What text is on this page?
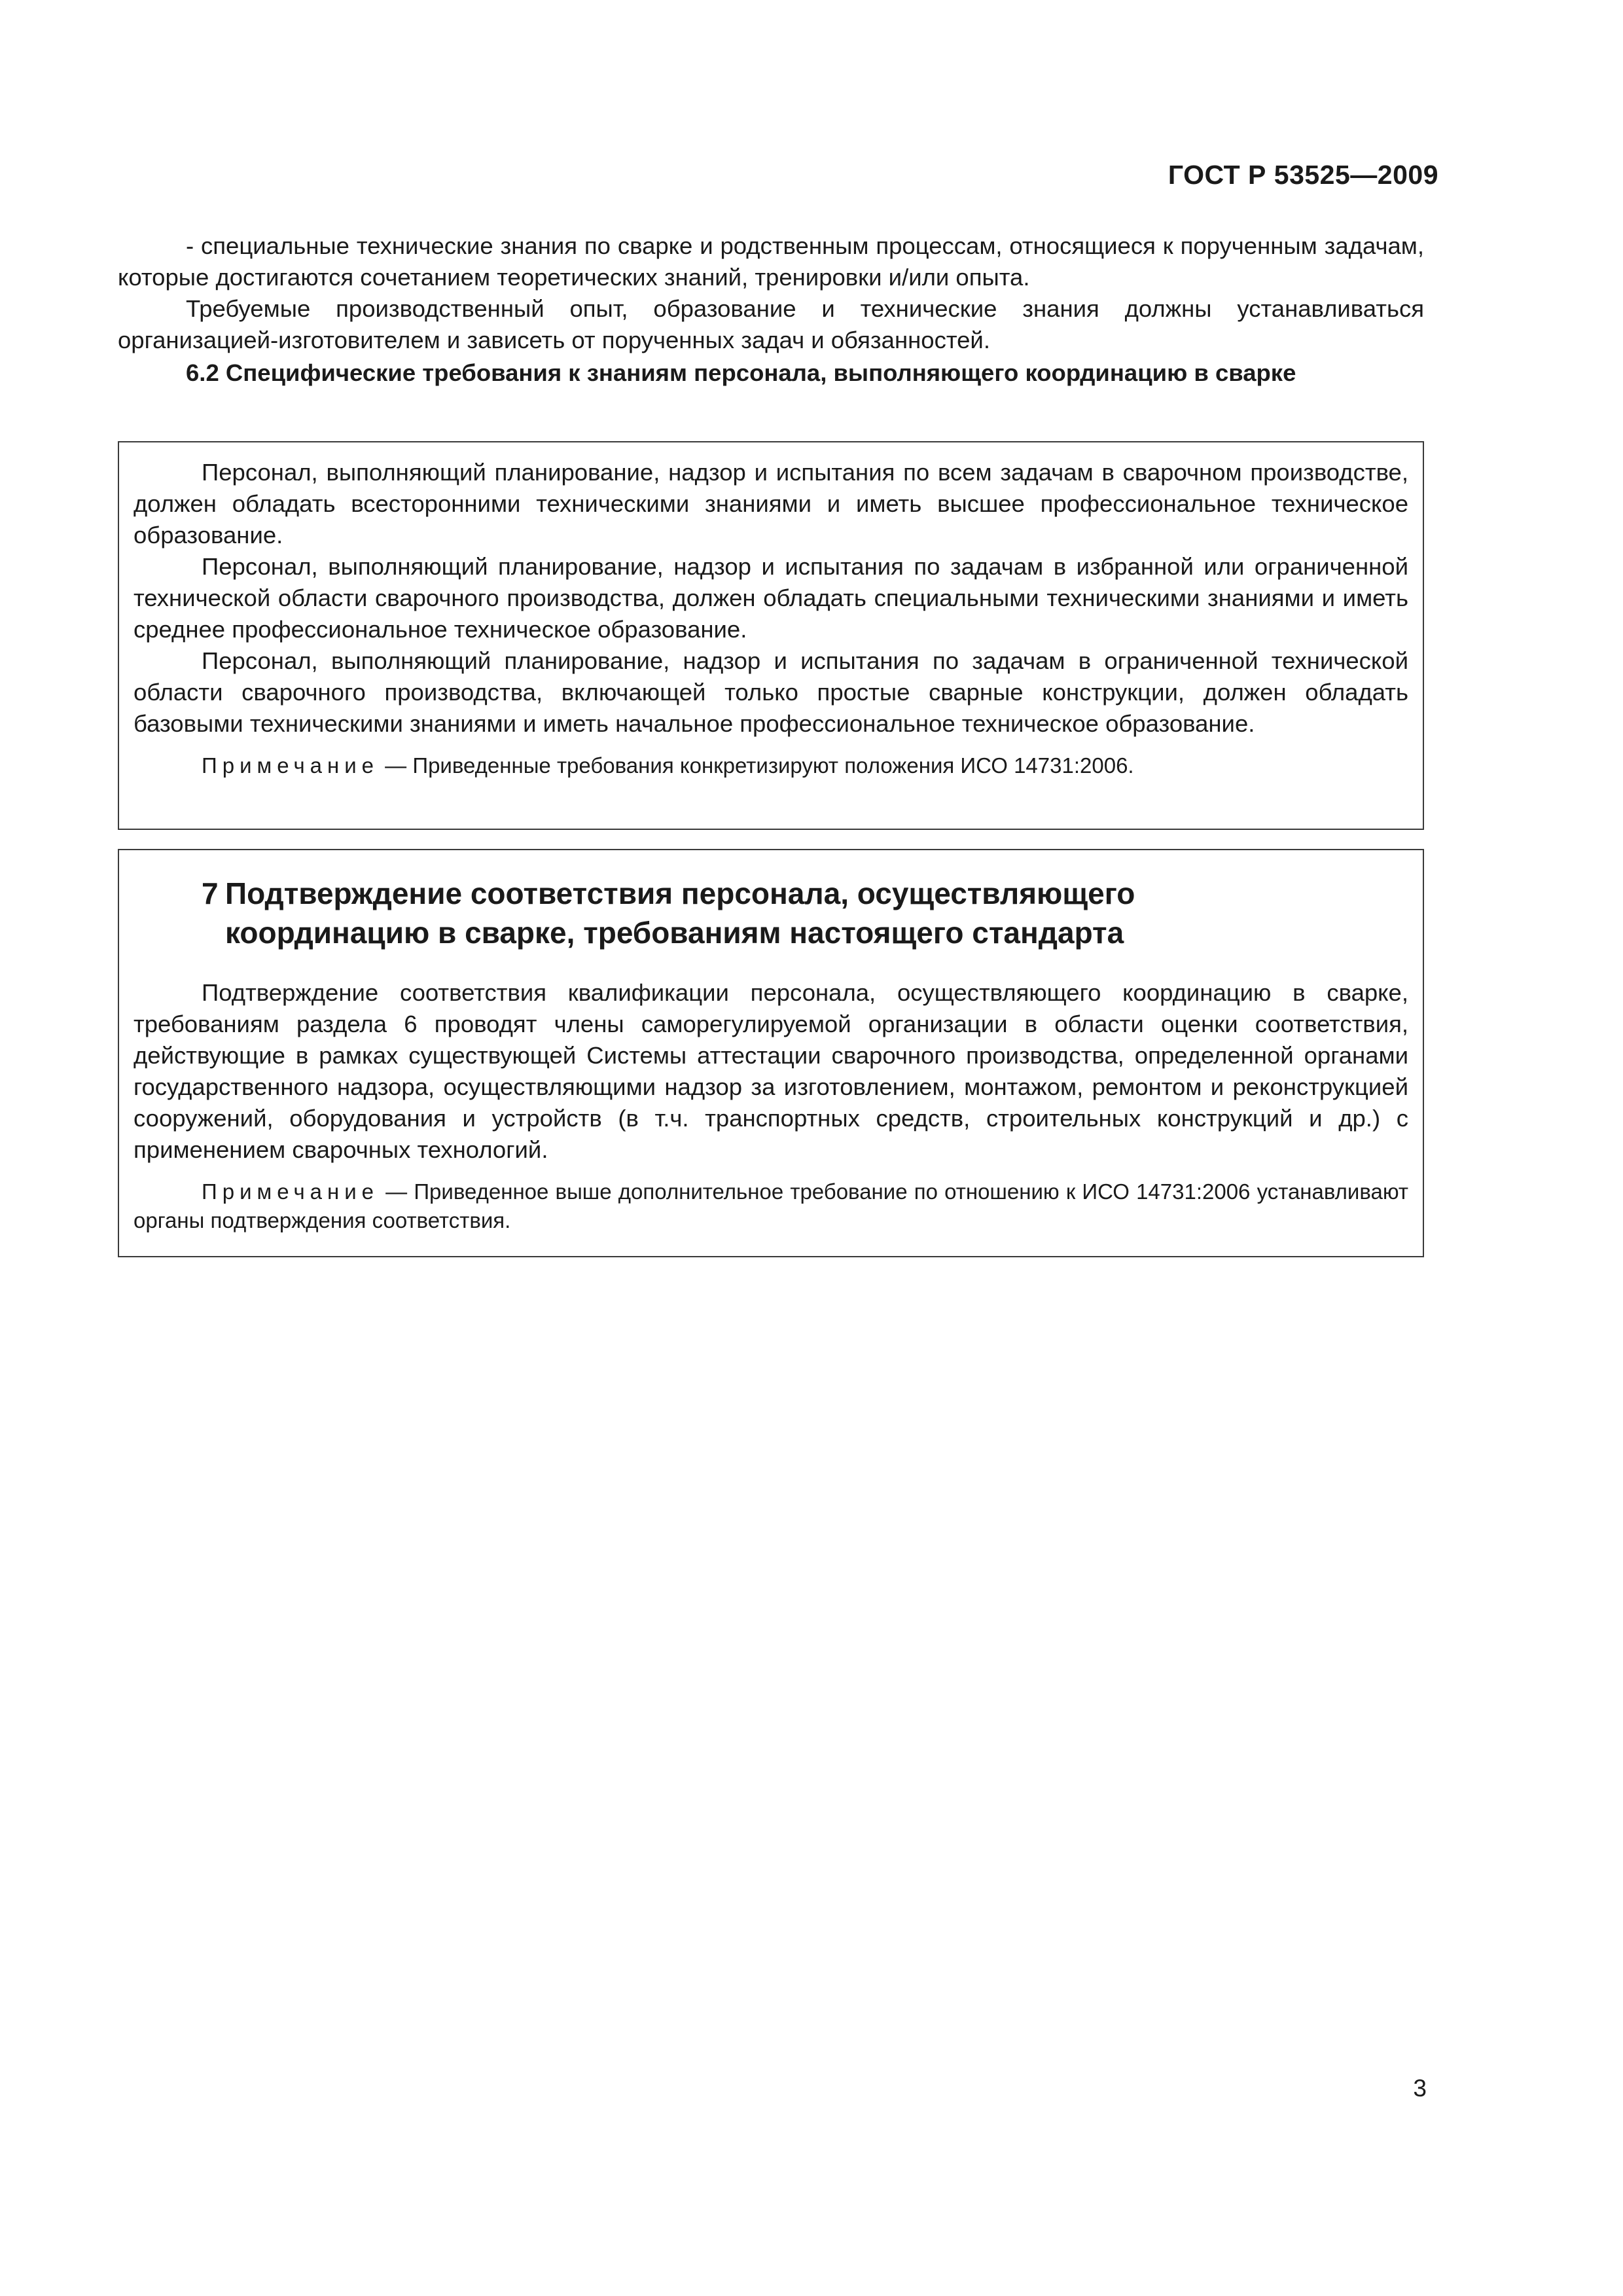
ГОСТ Р 53525—2009

- специальные технические знания по сварке и родственным процессам, относящиеся к порученным задачам, которые достигаются сочетанием теоретических знаний, тренировки и/или опыта.

Требуемые производственный опыт, образование и технические знания должны устанавливаться организацией-изготовителем и зависеть от порученных задач и обязанностей.

6.2 Специфические требования к знаниям персонала, выполняющего координацию в сварке

Персонал, выполняющий планирование, надзор и испытания по всем задачам в сварочном производстве, должен обладать всесторонними техническими знаниями и иметь высшее профессиональное техническое образование.

Персонал, выполняющий планирование, надзор и испытания по задачам в избранной или ограниченной технической области сварочного производства, должен обладать специальными техническими знаниями и иметь среднее профессиональное техническое образование.

Персонал, выполняющий планирование, надзор и испытания по задачам в ограниченной технической области сварочного производства, включающей только простые сварные конструкции, должен обладать базовыми техническими знаниями и иметь начальное профессиональное техническое образование.

Примечание — Приведенные требования конкретизируют положения ИСО 14731:2006.

7 Подтверждение соответствия персонала, осуществляющего
координацию в сварке, требованиям настоящего стандарта

Подтверждение соответствия квалификации персонала, осуществляющего координацию в сварке, требованиям раздела 6 проводят члены саморегулируемой организации в области оценки соответствия, действующие в рамках существующей Системы аттестации сварочного производства, определенной органами государственного надзора, осуществляющими надзор за изготовлением, монтажом, ремонтом и реконструкцией сооружений, оборудования и устройств (в т.ч. транспортных средств, строительных конструкций и др.) с применением сварочных технологий.

Примечание — Приведенное выше дополнительное требование по отношению к ИСО 14731:2006 устанавливают органы подтверждения соответствия.

3
